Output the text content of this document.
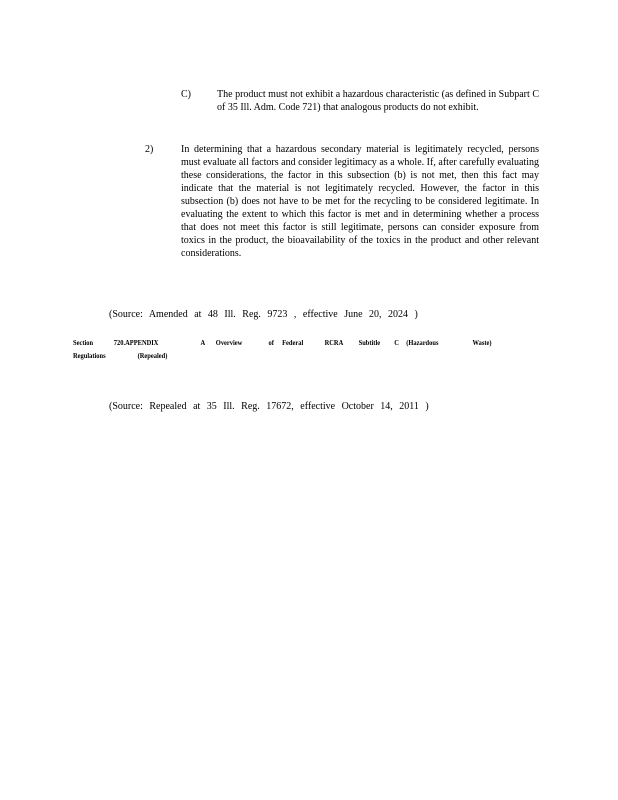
C)	The product must not exhibit a hazardous characteristic (as defined in Subpart C of 35 Ill. Adm. Code 721) that analogous products do not exhibit.
2)	In determining that a hazardous secondary material is legitimately recycled, persons must evaluate all factors and consider legitimacy as a whole. If, after carefully evaluating these considerations, the factor in this subsection (b) is not met, then this fact may indicate that the material is not legitimately recycled. However, the factor in this subsection (b) does not have to be met for the recycling to be considered legitimate. In evaluating the extent to which this factor is met and in determining whether a process that does not meet this factor is still legitimate, persons can consider exposure from toxics in the product, the bioavailability of the toxics in the product and other relevant considerations.
(Source: Amended at 48 Ill. Reg. 9723 , effective June 20, 2024 )
Section	720.APPENDIX	A Overview	of Federal	RCRA Subtitle C (Hazardous	Waste)
Regulations	(Repealed)
(Source: Repealed at 35 Ill. Reg. 17672, effective October 14, 2011 )
